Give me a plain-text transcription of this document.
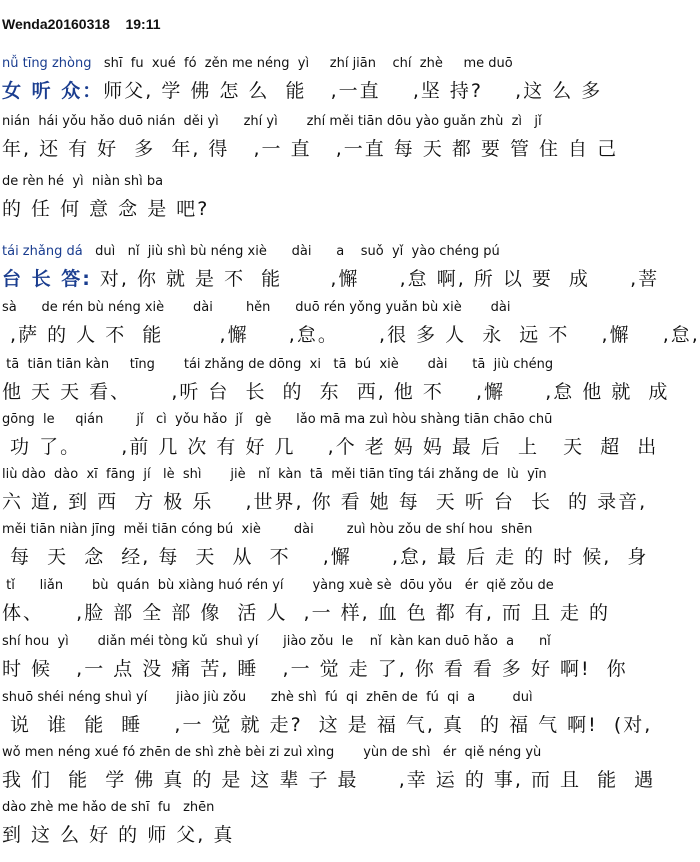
Wenda20160318    19:11
nǚ tīng zhòng   shī  fu  xué  fó  zěn me néng  yì     zhí jiān    chí  zhè     me duō
女 听 众：师父, 学 佛 怎 么  能   ,一直    ,坚 持?    ,这 么 多
nián  hái yǒu hǎo duō nián  děi yì      zhí yì       zhí měi tiān dōu yào guǎn zhù  zì   jǐ
年, 还 有 好  多  年, 得   ,一 直   ,一直 每 天 都 要 管 住 自 己
de rèn hé  yì  niàn shì ba
的 任 何 意 念 是 吧?
tái zhǎng dá   duì   nǐ  jiù shì bù néng xiè      dài      a    suǒ  yǐ  yào chéng pú
台 长 答: 对, 你 就 是 不  能      ,懈     ,怠 啊, 所 以 要  成     ,菩
sà      de rén bù néng xiè       dài        hěn      duō rén yǒng yuǎn bù xiè       dài
,萨 的 人 不  能       ,懈     ,怠。     ,很 多 人  永  远 不    ,懈    ,怠,
tā  tiān tiān kàn     tīng       tái zhǎng de dōng  xi   tā  bú  xiè       dài      tā  jiù chéng
他 天 天 看、     ,听 台  长  的  东  西, 他 不    ,懈     ,怠 他 就  成
gōng  le     qián        jǐ   cì  yǒu hǎo  jǐ   gè      lǎo mā ma zuì hòu shàng tiān chāo chū
功 了。     ,前 几 次 有 好 几    ,个 老 妈 妈 最 后  上   天  超  出
liù dào  dào  xī  fāng  jí   lè  shì       jiè   nǐ  kàn  tā  měi tiān tīng tái zhǎng de  lù  yīn
六 道, 到 西  方 极 乐    ,世界, 你 看 她 每  天 听 台  长  的 录音,
měi tiān niàn jīng  měi tiān cóng bú  xiè        dài        zuì hòu zǒu de shí hou  shēn
每  天  念  经, 每  天  从  不    ,懈     ,怠, 最 后 走 的 时 候,  身
tǐ      liǎn       bù  quán  bù xiàng huó rén yí       yàng xuè sè  dōu yǒu   ér  qiě zǒu de
体、    ,脸 部 全 部 像  活 人  ,一 样, 血 色 都 有, 而 且 走 的
shí hou  yì       diǎn méi tòng kǔ  shuì yí      jiào zǒu  le    nǐ  kàn kan duō hǎo  a      nǐ
时 候   ,一 点 没 痛 苦, 睡   ,一 觉 走 了, 你 看 看 多 好 啊!  你
shuō shéi néng shuì yí       jiào jiù zǒu      zhè shì  fú  qi  zhēn de  fú  qi  a         duì
说  谁  能  睡    ,一 觉 就 走?  这 是 福 气, 真  的 福 气 啊!  (对,
wǒ men néng xué fó zhēn de shì zhè bèi zi zuì xìng       yùn de shì   ér  qiě néng yù
我 们  能  学 佛 真 的 是 这 辈 子 最     ,幸 运 的 事, 而 且  能  遇
dào zhè me hǎo de shī  fu   zhēn
到 这 么 好 的 师 父, 真
